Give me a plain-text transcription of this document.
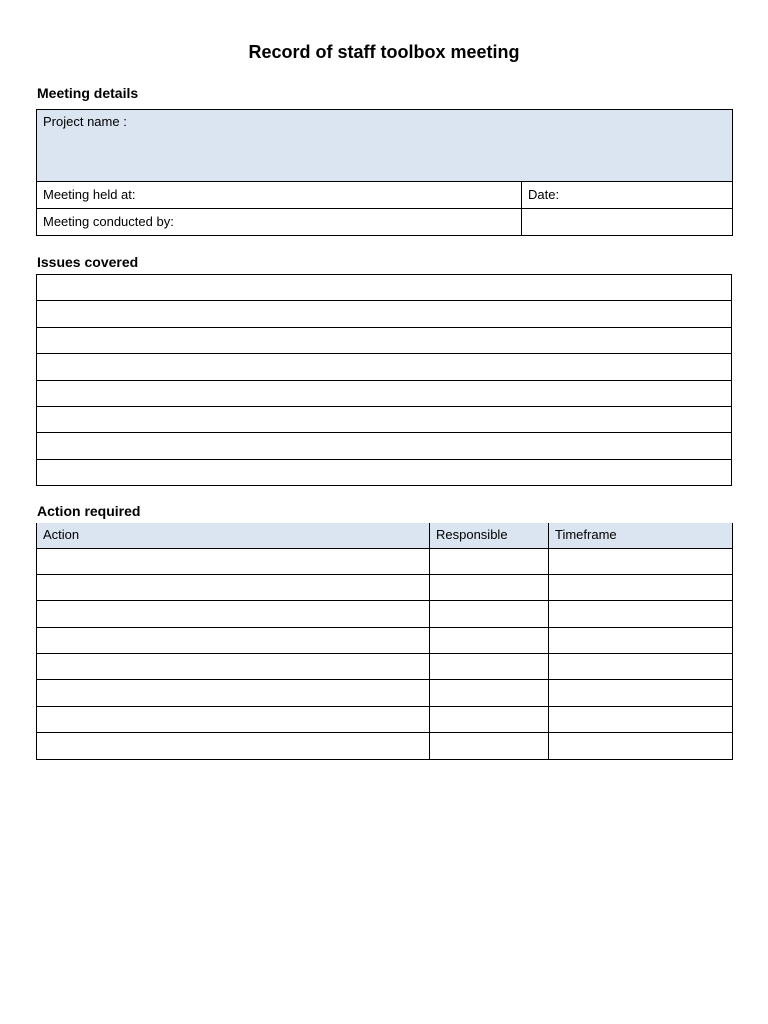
Record of staff toolbox meeting
Meeting details
Project name :	
Meeting held at:	Date:
Meeting conducted by:	
Issues covered

Action required
Action	Responsible	Timeframe
